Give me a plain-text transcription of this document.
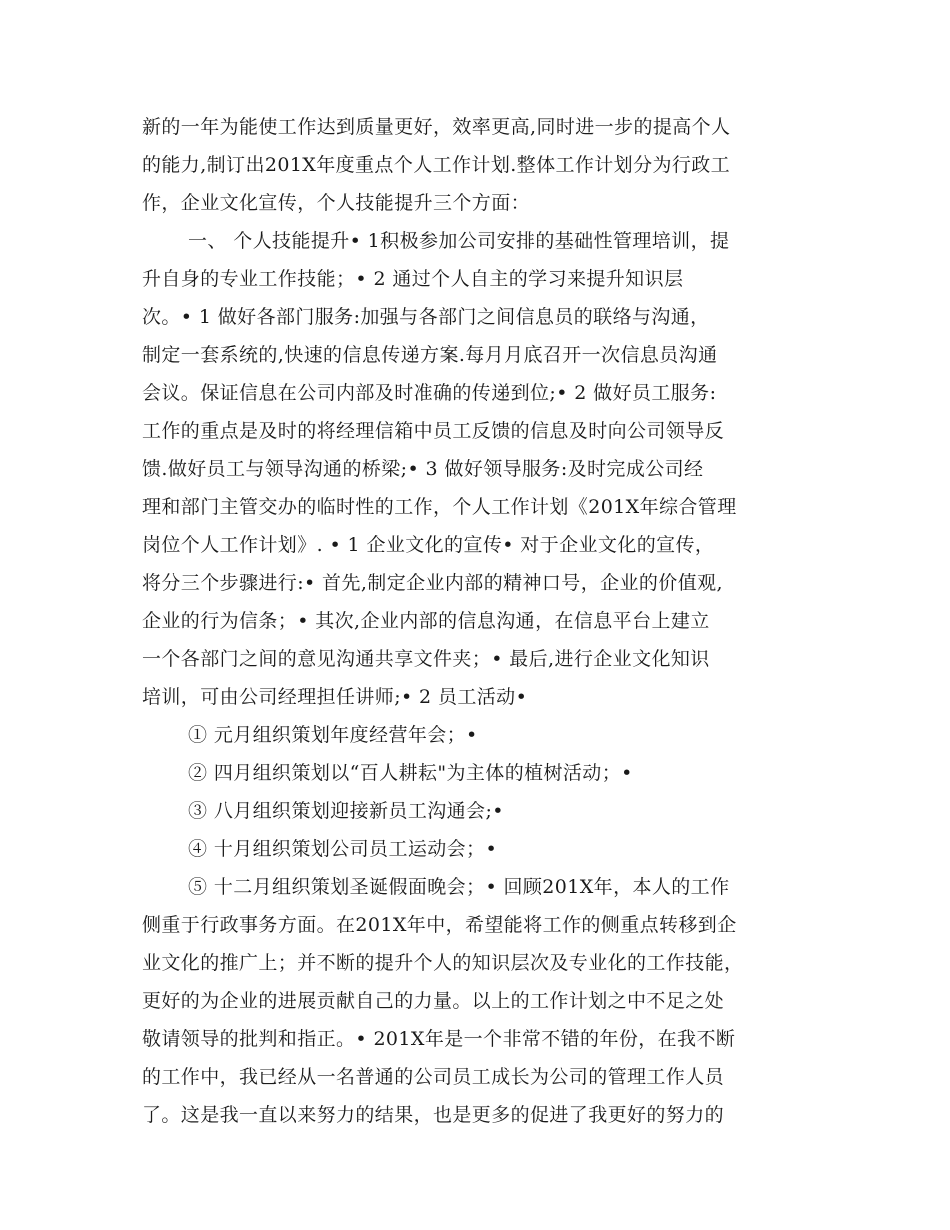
新的一年为能使工作达到质量更好，效率更高,同时进一步的提高个人
的能力,制订出201X年度重点个人工作计划.整体工作计划分为行政工
作，企业文化宣传，个人技能提升三个方面：
一、 个人技能提升• 1积极参加公司安排的基础性管理培训，提
升自身的专业工作技能；• 2 通过个人自主的学习来提升知识层
次。• 1 做好各部门服务:加强与各部门之间信息员的联络与沟通，
制定一套系统的,快速的信息传递方案.每月月底召开一次信息员沟通
会议。保证信息在公司内部及时准确的传递到位;• 2 做好员工服务:
工作的重点是及时的将经理信箱中员工反馈的信息及时向公司领导反
馈.做好员工与领导沟通的桥梁;• 3 做好领导服务:及时完成公司经
理和部门主管交办的临时性的工作，个人工作计划《201X年综合管理
岗位个人工作计划》. • 1 企业文化的宣传• 对于企业文化的宣传，
将分三个步骤进行:• 首先,制定企业内部的精神口号，企业的价值观,
企业的行为信条；• 其次,企业内部的信息沟通，在信息平台上建立
一个各部门之间的意见沟通共享文件夹；• 最后,进行企业文化知识
培训，可由公司经理担任讲师;• 2 员工活动•
① 元月组织策划年度经营年会；•
② 四月组织策划以“百人耕耘"为主体的植树活动；•
③ 八月组织策划迎接新员工沟通会;•
④ 十月组织策划公司员工运动会；•
⑤ 十二月组织策划圣诞假面晚会；• 回顾201X年，本人的工作
侧重于行政事务方面。在201X年中，希望能将工作的侧重点转移到企
业文化的推广上；并不断的提升个人的知识层次及专业化的工作技能，
更好的为企业的进展贡献自己的力量。以上的工作计划之中不足之处
敬请领导的批判和指正。• 201X年是一个非常不错的年份，在我不断
的工作中，我已经从一名普通的公司员工成长为公司的管理工作人员
了。这是我一直以来努力的结果，也是更多的促进了我更好的努力的
